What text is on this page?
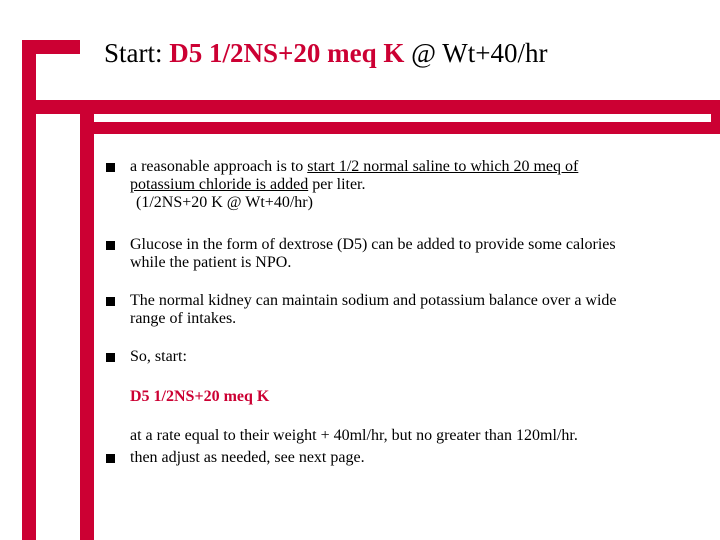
Start: D5 1/2NS+20 meq K @ Wt+40/hr
a reasonable approach is to start 1/2 normal saline to which 20 meq of
potassium chloride is added per liter.
(1/2NS+20 K @ Wt+40/hr)
Glucose in the form of dextrose (D5) can be added to provide some calories
while the patient is NPO.
The normal kidney can maintain sodium and potassium balance over a wide
range of intakes.
So, start:
D5 1/2NS+20 meq K
at a rate equal to their weight + 40ml/hr, but no greater than 120ml/hr.
then adjust as needed, see next page.
